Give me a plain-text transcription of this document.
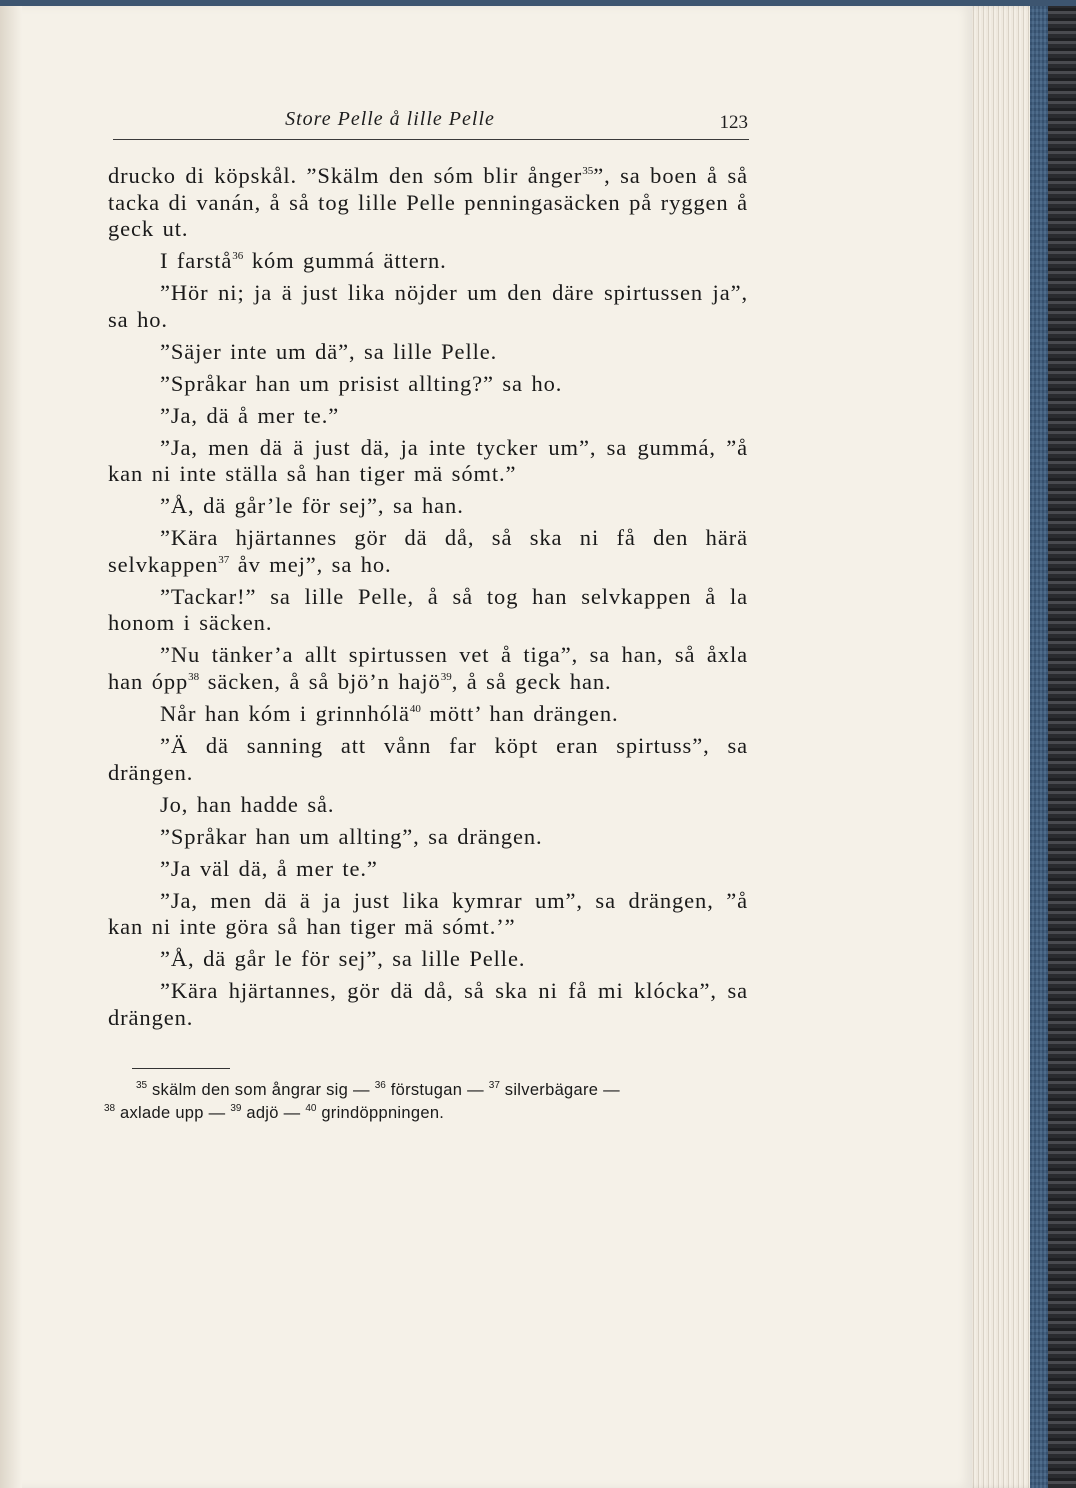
Store Pelle å lille Pelle	123

drucko di köpskål. ”Skälm den sóm blir ånger$^{35}$”, sa boen å så tacka di vanán, å så tog lille Pelle penningasäcken på ryggen å geck ut.

I farstå$^{36}$ kóm gummá ättern.

”Hör ni; ja ä just lika nöjder um den däre spirtussen ja”, sa ho.

”Säjer inte um dä”, sa lille Pelle.

”Språkar han um prisist allting?” sa ho.

”Ja, dä å mer te.”

”Ja, men dä ä just dä, ja inte tycker um”, sa gummá, ”å kan ni inte ställa så han tiger mä sómt.”

”Å, dä går’le för sej”, sa han.

”Kära hjärtannes gör dä då, så ska ni få den härä selvkappen$^{37}$ åv mej”, sa ho.

”Tackar!” sa lille Pelle, å så tog han selvkappen å la honom i säcken.

”Nu tänker’a allt spirtussen vet å tiga”, sa han, så åxla han ópp$^{38}$ säcken, å så bjö’n hajö$^{39}$, å så geck han.

Når han kóm i grinnhólä$^{40}$ mött’ han drängen.

”Ä dä sanning att vånn far köpt eran spirtuss”, sa drängen.

Jo, han hadde så.

”Språkar han um allting”, sa drängen.

”Ja väl dä, å mer te.”

”Ja, men dä ä ja just lika kymrar um”, sa drängen, ”å kan ni inte göra så han tiger mä sómt.’”

”Å, dä går le för sej”, sa lille Pelle.

”Kära hjärtannes, gör dä då, så ska ni få mi klócka”, sa drängen.

$^{35}$ skälm den som ångrar sig — $^{36}$ förstugan — $^{37}$ silverbägare —
$^{38}$ axlade upp — $^{39}$ adjö — $^{40}$ grindöppningen.
